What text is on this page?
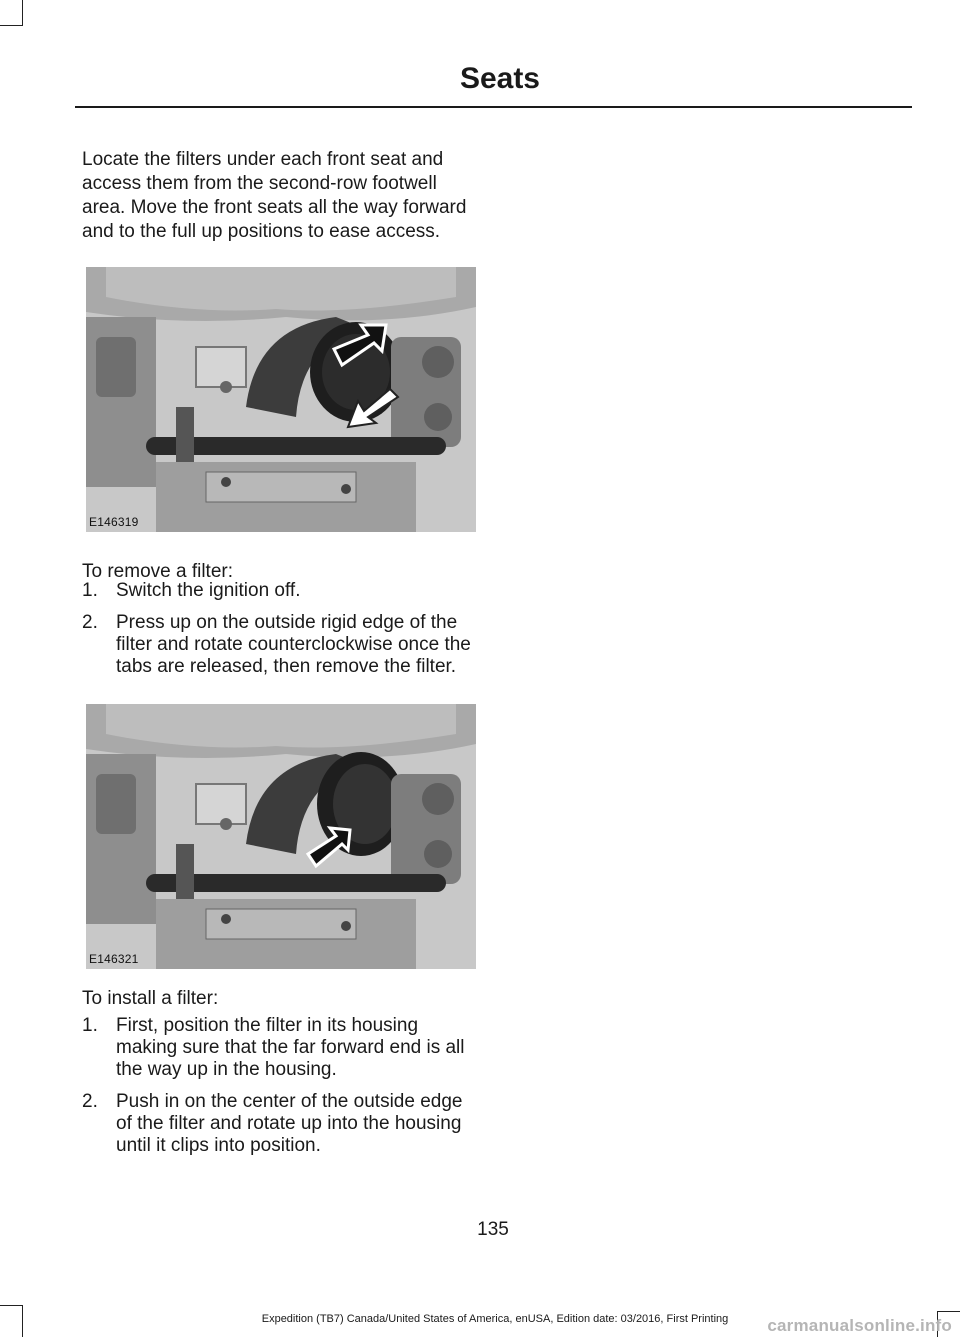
Seats

Locate the filters under each front seat and access them from the second-row footwell area. Move the front seats all the way forward and to the full up positions to ease access.

E146319

To remove a filter:

1. Switch the ignition off.
2. Press up on the outside rigid edge of the filter and rotate counterclockwise once the tabs are released, then remove the filter.
E146321

To install a filter:

1. First, position the filter in its housing making sure that the far forward end is all the way up in the housing.
2. Push in on the center of the outside edge of the filter and rotate up into the housing until it clips into position.
135
Expedition (TB7) Canada/United States of America, enUSA, Edition date: 03/2016, First Printing	carmanualsonline.info
